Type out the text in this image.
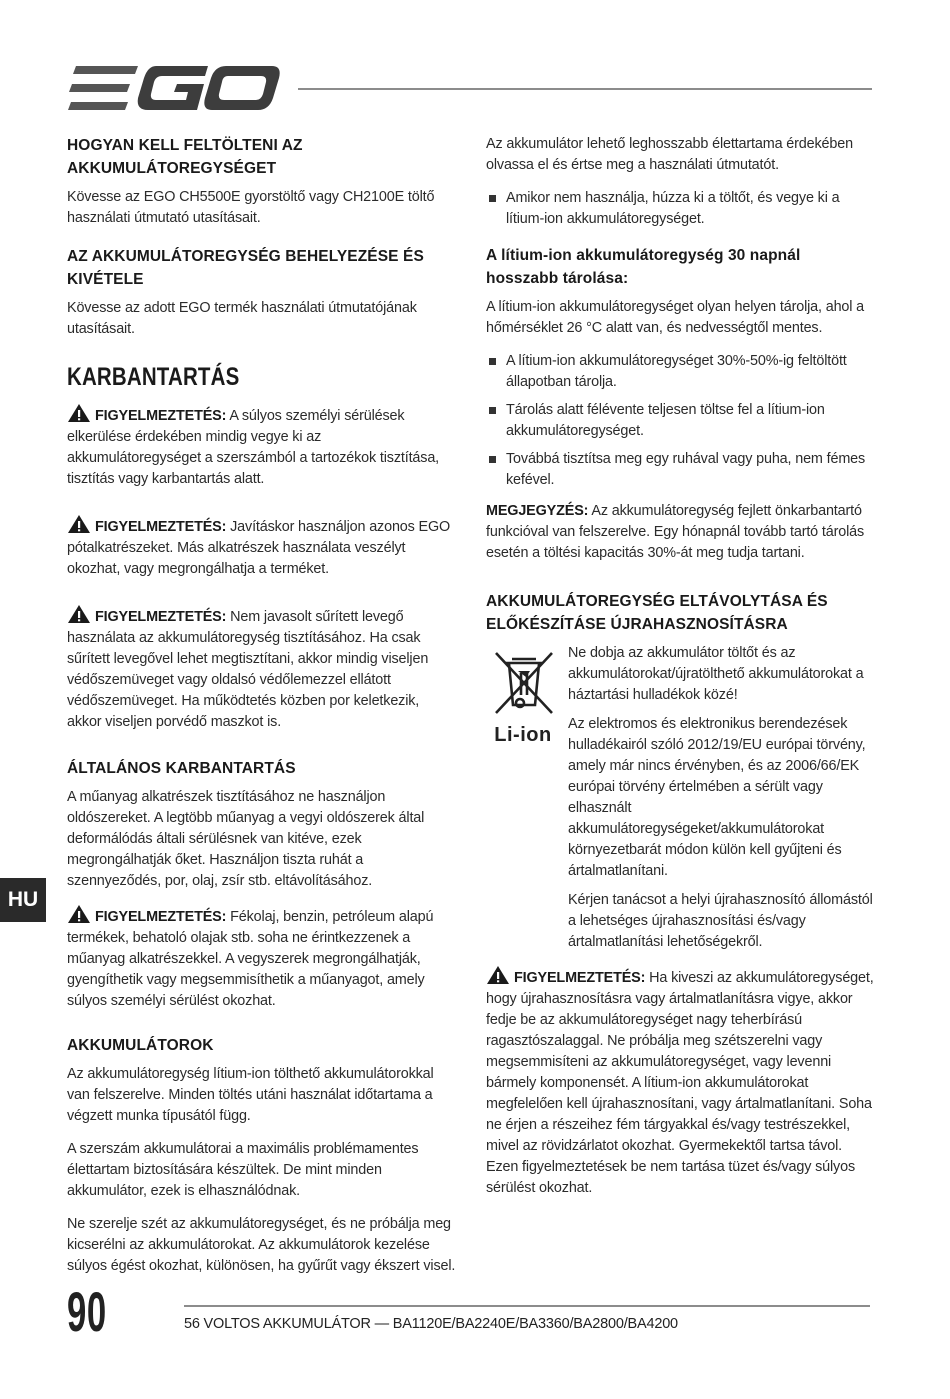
HOGYAN KELL FELTÖLTENI AZ AKKUMULÁTOREGYSÉGET

Kövesse az EGO CH5500E gyorstöltő vagy CH2100E töltő használati útmutató utasításait.

AZ AKKUMULÁTOREGYSÉG BEHELYEZÉSE ÉS KIVÉTELE

Kövesse az adott EGO termék használati útmutatójának utasításait.

KARBANTARTÁS

FIGYELMEZTETÉS: A súlyos személyi sérülések elkerülése érdekében mindig vegye ki az akkumulátoregységet a szerszámból a tartozékok tisztítása, tisztítás vagy karbantartás alatt.

FIGYELMEZTETÉS: Javításkor használjon azonos EGO pótalkatrészeket. Más alkatrészek használata veszélyt okozhat, vagy megrongálhatja a terméket.

FIGYELMEZTETÉS: Nem javasolt sűrített levegő használata az akkumulátoregység tisztításához. Ha csak sűrített levegővel lehet megtisztítani, akkor mindig viseljen védőszemüveget vagy oldalsó védőlemezzel ellátott védőszemüveget. Ha működtetés közben por keletkezik, akkor viseljen porvédő maszkot is.

ÁLTALÁNOS KARBANTARTÁS

A műanyag alkatrészek tisztításához ne használjon oldószereket. A legtöbb műanyag a vegyi oldószerek által deformálódás általi sérülésnek van kitéve, ezek megrongálhatják őket. Használjon tiszta ruhát a szennyeződés, por, olaj, zsír stb. eltávolításához.

FIGYELMEZTETÉS: Fékolaj, benzin, petróleum alapú termékek, behatoló olajak stb. soha ne érintkezzenek a műanyag alkatrészekkel. A vegyszerek megrongálhatják, gyengíthetik vagy megsemmisíthetik a műanyagot, amely súlyos személyi sérülést okozhat.

AKKUMULÁTOROK

Az akkumulátoregység lítium-ion tölthető akkumulátorokkal van felszerelve. Minden töltés utáni használat időtartama a végzett munka típusától függ.

A szerszám akkumulátorai a maximális problémamentes élettartam biztosítására készültek. De mint minden akkumulátor, ezek is elhasználódnak.

Ne szerelje szét az akkumulátoregységet, és ne próbálja meg kicserélni az akkumulátorokat. Az akkumulátorok kezelése súlyos égést okozhat, különösen, ha gyűrűt vagy ékszert visel.

Az akkumulátor lehető leghosszabb élettartama érdekében olvassa el és értse meg a használati útmutatót.

Amikor nem használja, húzza ki a töltőt, és vegye ki a lítium-ion akkumulátoregységet.
A lítium-ion akkumulátoregység 30 napnál hosszabb tárolása:

A lítium-ion akkumulátoregységet olyan helyen tárolja, ahol a hőmérséklet 26 °C alatt van, és nedvességtől mentes.

A lítium-ion akkumulátoregységet 30%-50%-ig feltöltött állapotban tárolja.
Tárolás alatt félévente teljesen töltse fel a lítium-ion akkumulátoregységet.
Továbbá tisztítsa meg egy ruhával vagy puha, nem fémes kefével.

MEGJEGYZÉS: Az akkumulátoregység fejlett önkarbantartó funkcióval van felszerelve. Egy hónapnál tovább tartó tárolás esetén a töltési kapacitás 30%-át meg tudja tartani.

AKKUMULÁTOREGYSÉG ELTÁVOLYTÁSA ÉS ELŐKÉSZÍTÁSE ÚJRAHASZNOSÍTÁSRA
Li-ion

Ne dobja az akkumulátor töltőt és az akkumulátorokat/újratölthető akkumulátorokat a háztartási hulladékok közé!

Az elektromos és elektronikus berendezések hulladékairól szóló 2012/19/EU európai törvény, amely már nincs érvényben, és az 2006/66/EK európai törvény értelmében a sérült vagy elhasznált akkumulátoregységeket/akkumulátorokat környezetbarát módon külön kell gyűjteni és ártalmatlanítani.

Kérjen tanácsot a helyi újrahasznosító állomástól a lehetséges újrahasznosítási és/vagy ártalmatlanítási lehetőségekről.

FIGYELMEZTETÉS: Ha kiveszi az akkumulátoregységet, hogy újrahasznosításra vagy ártalmatlanításra vigye, akkor fedje be az akkumulátoregységet nagy teherbírású ragasztószalaggal. Ne próbálja meg szétszerelni vagy megsemmisíteni az akkumulátoregységet, vagy levenni bármely komponensét. A lítium-ion akkumulátorokat megfelelően kell újrahasznosítani, vagy ártalmatlanítani. Soha ne érjen a részeihez fém tárgyakkal és/vagy testrészekkel, mivel az rövidzárlatot okozhat. Gyermekektől tartsa távol. Ezen figyelmeztetések be nem tartása tüzet és/vagy súlyos sérülést okozhat.

HU
90	56 VOLTOS AKKUMULÁTOR — BA1120E/BA2240E/BA3360/BA2800/BA4200
